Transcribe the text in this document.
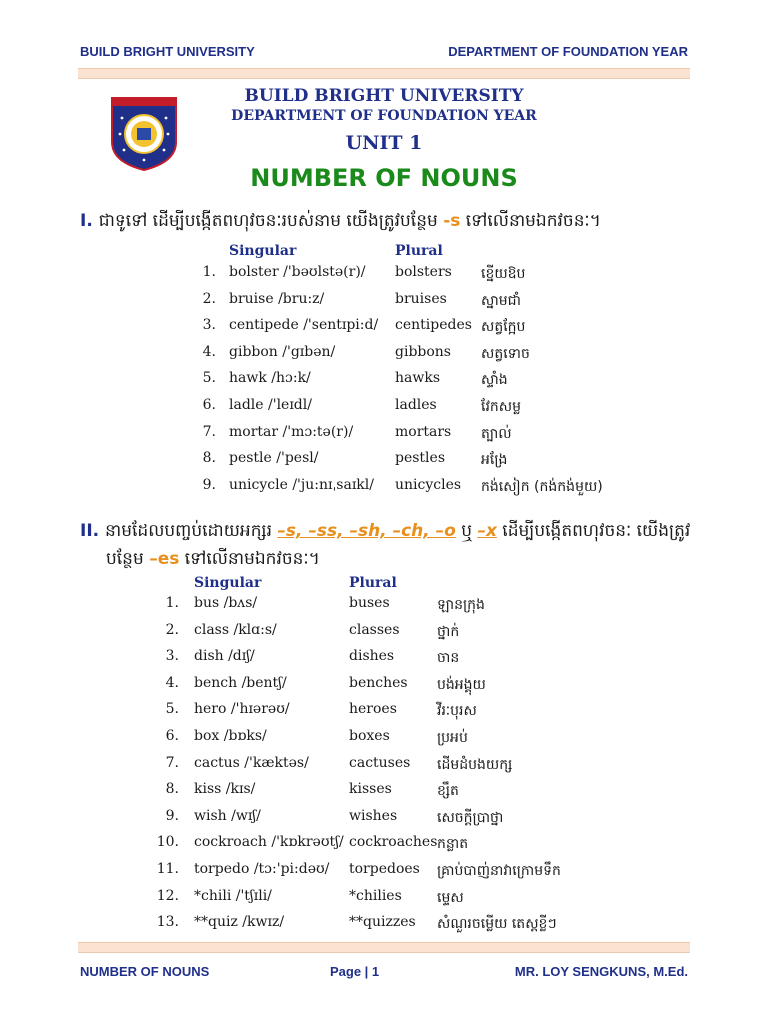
BUILD BRIGHT UNIVERSITY	DEPARTMENT OF FOUNDATION YEAR
BUILD BRIGHT UNIVERSITY
DEPARTMENT OF FOUNDATION YEAR
UNIT 1
NUMBER OF NOUNS
I. ជាទូទៅ ដើម្បីបង្កើតពហុវចនៈរបស់នាម យើងត្រូវបន្ថែម -s ទៅលើនាមឯកវចនៈ។
Singular	Plural
1. bolster /'bəʊlstə(r)/ bolsters ខ្នើយឱប
2. bruise /bru:z/	bruises ស្នាមជាំ
3. centipede /'sentɪpi:d/ centipedes សត្វក្អែប
4. gibbon /'gɪbən/	gibbons សត្វទោច
5. hawk /hɔ:k/	hawks	ស្ទាំង
6. ladle /'leɪdl/	ladles	វែកសម្ល
7. mortar /'mɔ:tə(r)/	mortars ត្បាល់
8. pestle /'pesl/	pestles	អង្រែ
9. unicycle /'ju:nɪˌsaɪkl/ unicycles កង់សៀក (កង់កង់មួយ)
II. នាមដែលបញ្ចប់ដោយអក្សរ –s, –ss, –sh, –ch, –o ឬ –x ដើម្បីបង្កើតពហុវចនៈ យើងត្រូវ
បន្ថែម –es ទៅលើនាមឯកវចនៈ។
Singular	Plural
1. bus /bʌs/	buses	ឡានក្រុង
2. class /klɑ:s/	classes	ថ្នាក់
3. dish /dɪʃ/	dishes	ចាន
4. bench /bentʃ/	benches បង់អង្គុយ
5. hero /'hɪərəʊ/	heroes	វីរៈបុរស
6. box /bɒks/	boxes	ប្រអប់
7. cactus /'kæktəs/	cactuses ដើមដំបងយក្ស
8. kiss /kɪs/	kisses	ខ្សឹត
9. wish /wɪʃ/	wishes	សេចក្តីប្រាថ្នា
10. cockroach /'kɒkrəʊtʃ/ cockroaches កន្លាត
11. torpedo /tɔ:'pi:dəʊ/ torpedoes គ្រាប់បាញ់នាវាក្រោមទឹក
12. *chili /'tʃɪli/	*chilies	ម្ទេស
13. **quiz /kwɪz/	**quizzes សំណួរចម្លើយ តេស្តខ្លីៗ
NUMBER OF NOUNS	Page | 1	MR. LOY SENGKUNS, M.Ed.
